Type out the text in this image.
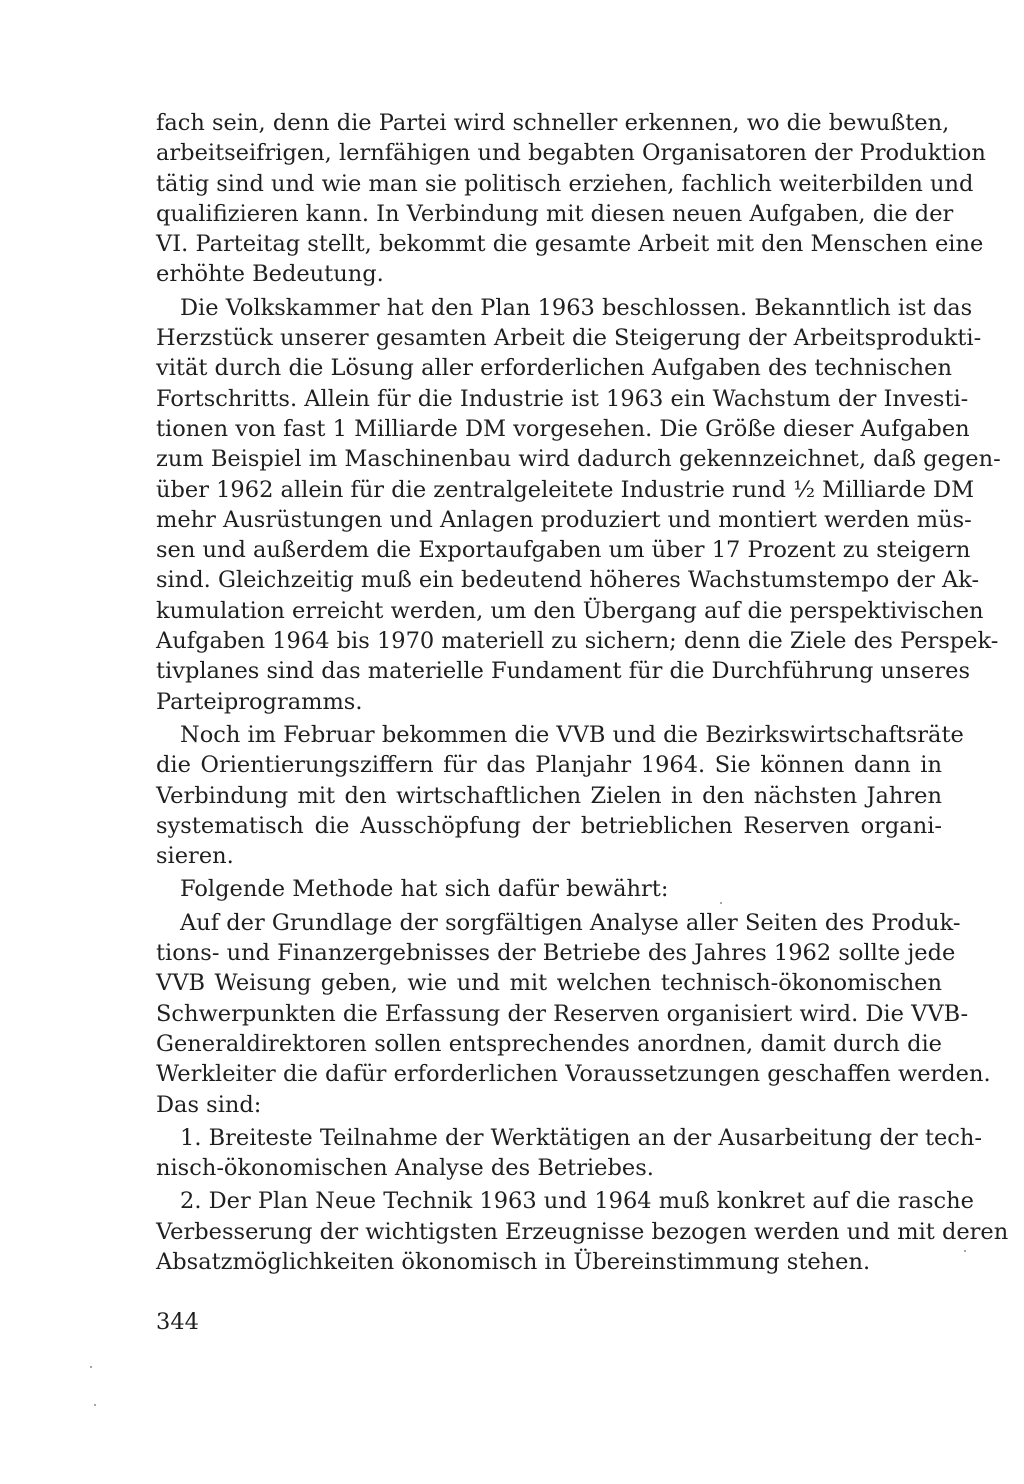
fach sein, denn die Partei wird schneller erkennen, wo die bewußten,
arbeitseifrigen, lernfähigen und begabten Organisatoren der Produktion
tätig sind und wie man sie politisch erziehen, fachlich weiterbilden und
qualifizieren kann. In Verbindung mit diesen neuen Aufgaben, die der
VI. Parteitag stellt, bekommt die gesamte Arbeit mit den Menschen eine
erhöhte Bedeutung.
Die Volkskammer hat den Plan 1963 beschlossen. Bekanntlich ist das
Herzstück unserer gesamten Arbeit die Steigerung der Arbeitsprodukti-
vität durch die Lösung aller erforderlichen Aufgaben des technischen
Fortschritts. Allein für die Industrie ist 1963 ein Wachstum der Investi-
tionen von fast 1 Milliarde DM vorgesehen. Die Größe dieser Aufgaben
zum Beispiel im Maschinenbau wird dadurch gekennzeichnet, daß gegen-
über 1962 allein für die zentralgeleitete Industrie rund ½ Milliarde DM
mehr Ausrüstungen und Anlagen produziert und montiert werden müs-
sen und außerdem die Exportaufgaben um über 17 Prozent zu steigern
sind. Gleichzeitig muß ein bedeutend höheres Wachstumstempo der Ak-
kumulation erreicht werden, um den Übergang auf die perspektivischen
Aufgaben 1964 bis 1970 materiell zu sichern; denn die Ziele des Perspek-
tivplanes sind das materielle Fundament für die Durchführung unseres
Parteiprogramms.
Noch im Februar bekommen die VVB und die Bezirkswirtschaftsräte
die Orientierungsziffern für das Planjahr 1964. Sie können dann in
Verbindung mit den wirtschaftlichen Zielen in den nächsten Jahren
systematisch die Ausschöpfung der betrieblichen Reserven organi-
sieren.
Folgende Methode hat sich dafür bewährt:
Auf der Grundlage der sorgfältigen Analyse aller Seiten des Produk-
tions- und Finanzergebnisses der Betriebe des Jahres 1962 sollte jede
VVB Weisung geben, wie und mit welchen technisch-ökonomischen
Schwerpunkten die Erfassung der Reserven organisiert wird. Die VVB-
Generaldirektoren sollen entsprechendes anordnen, damit durch die
Werkleiter die dafür erforderlichen Voraussetzungen geschaffen werden.
Das sind:
1. Breiteste Teilnahme der Werktätigen an der Ausarbeitung der tech-
nisch-ökonomischen Analyse des Betriebes.
2. Der Plan Neue Technik 1963 und 1964 muß konkret auf die rasche
Verbesserung der wichtigsten Erzeugnisse bezogen werden und mit deren
Absatzmöglichkeiten ökonomisch in Übereinstimmung stehen.
344
